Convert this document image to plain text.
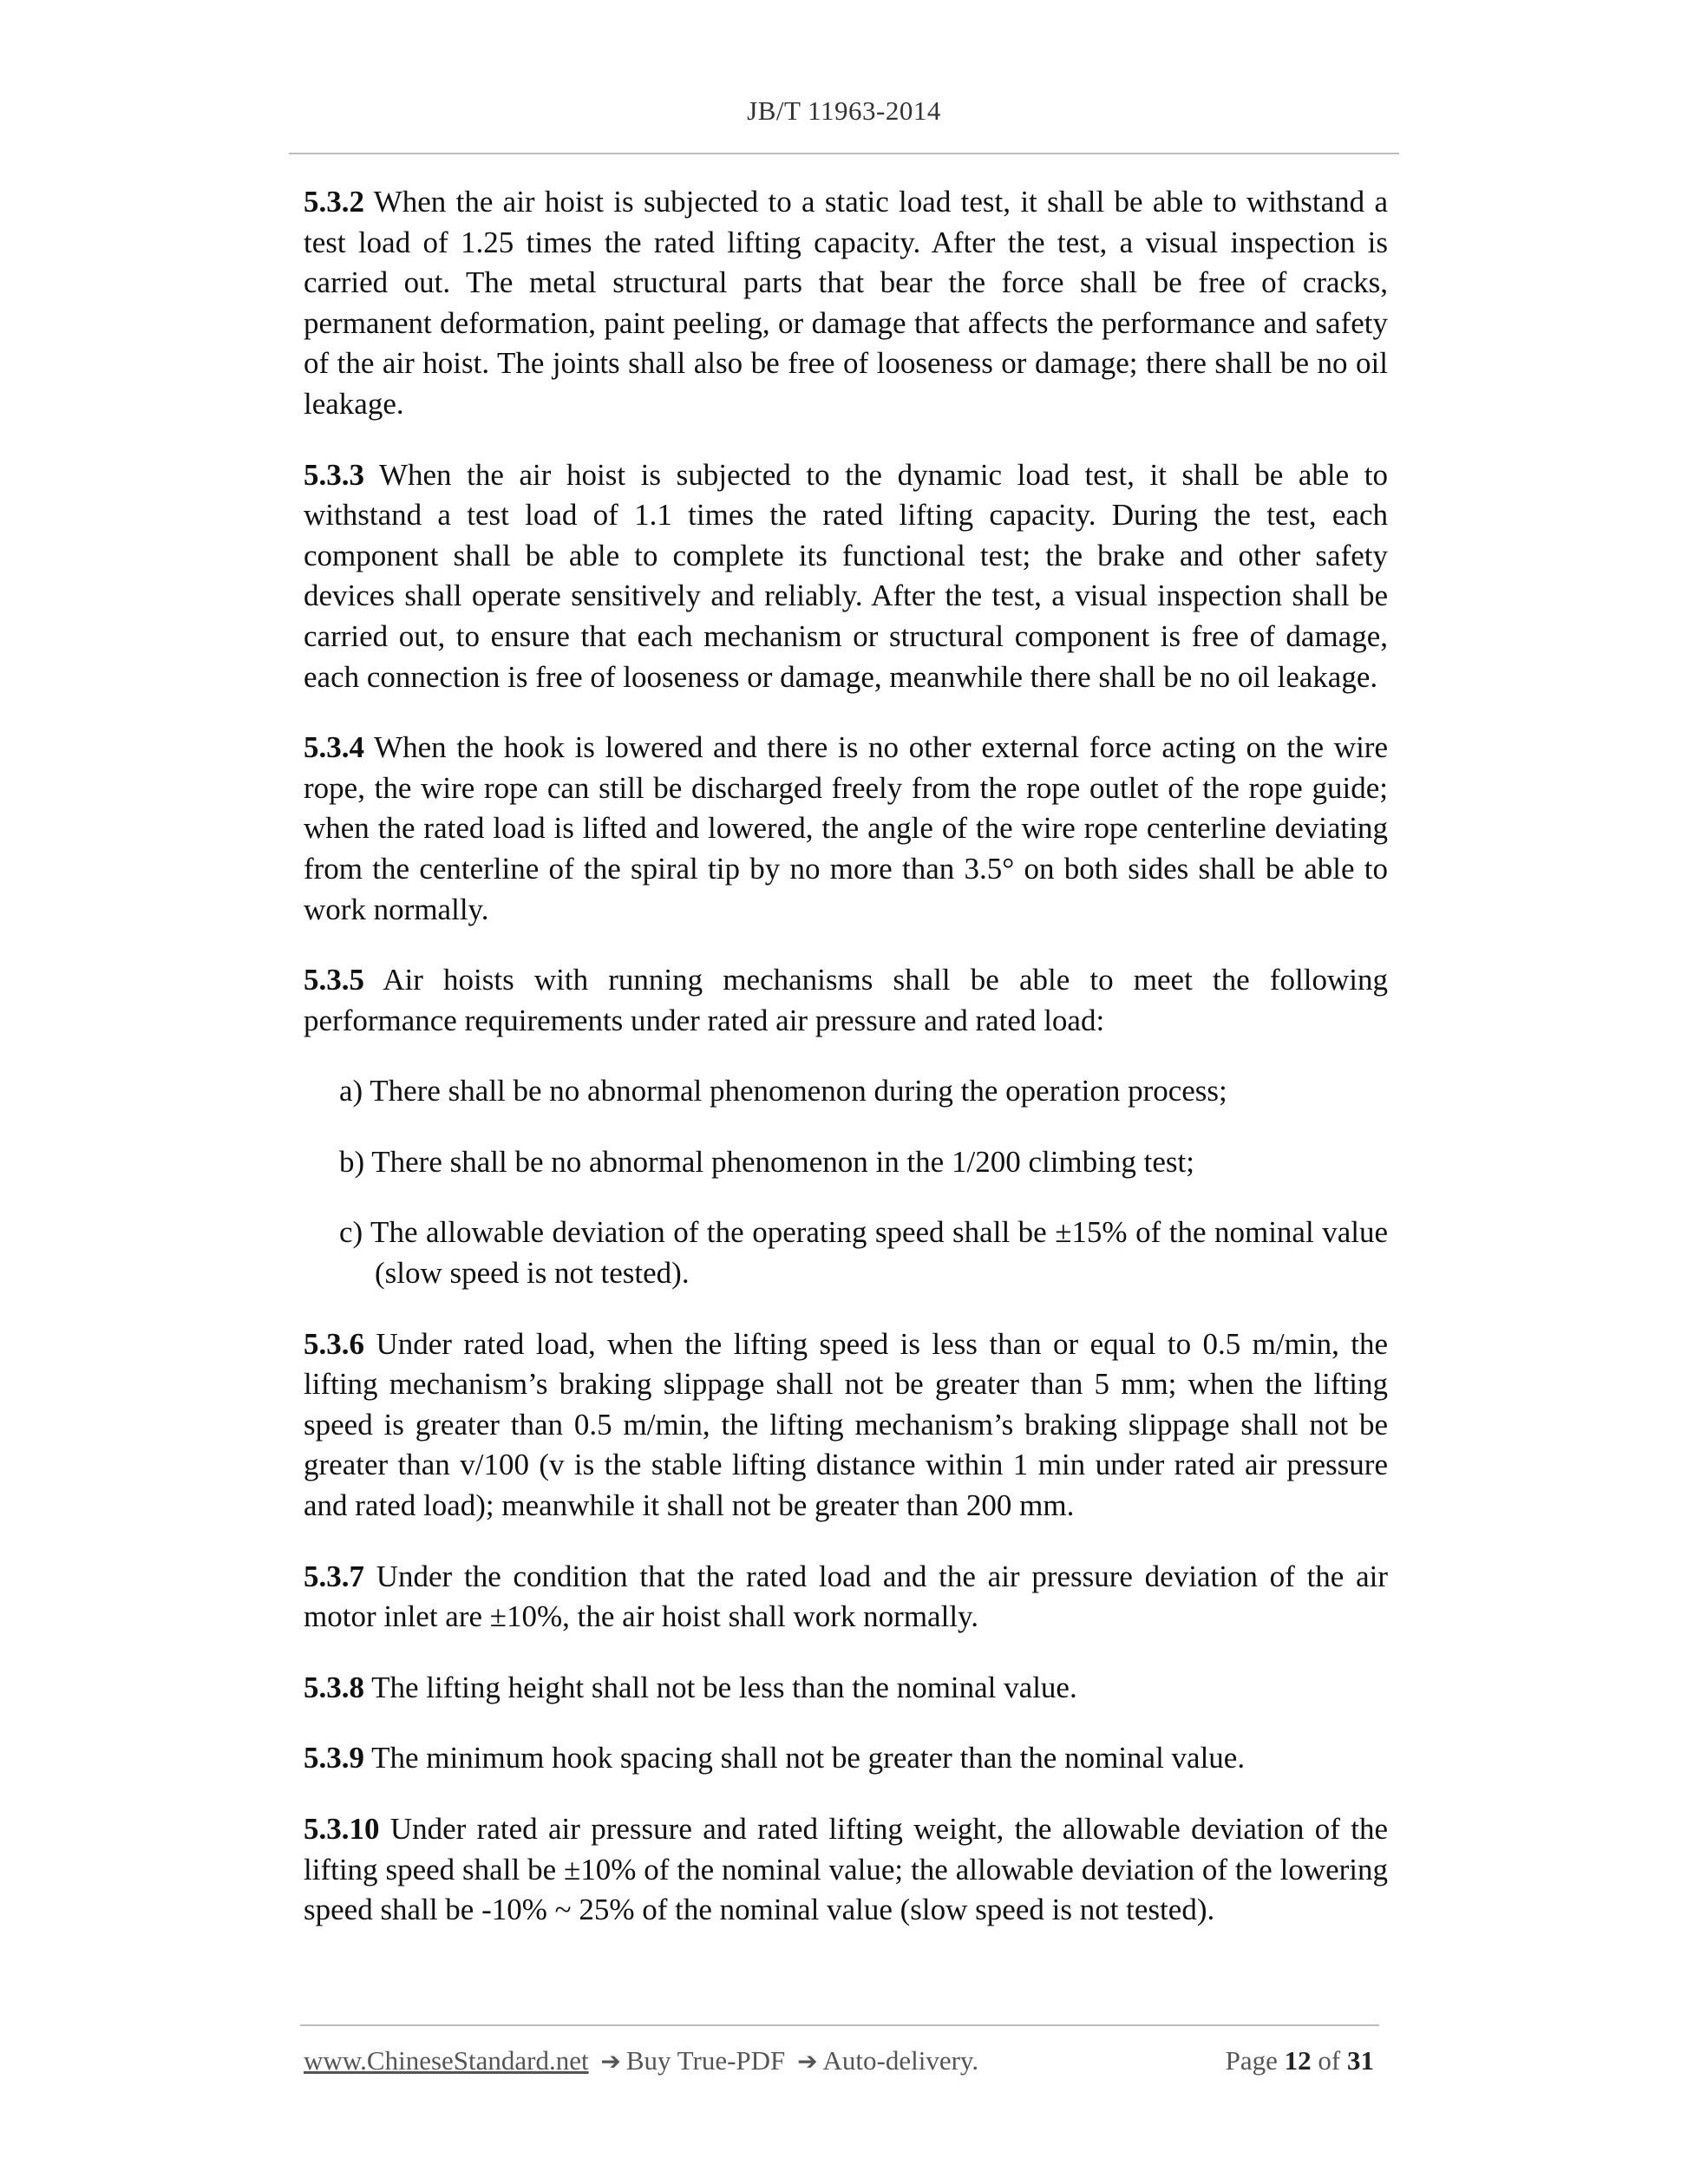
JB/T 11963-2014

5.3.2 When the air hoist is subjected to a static load test, it shall be able to withstand a test load of 1.25 times the rated lifting capacity. After the test, a visual inspection is carried out. The metal structural parts that bear the force shall be free of cracks, permanent deformation, paint peeling, or damage that affects the performance and safety of the air hoist. The joints shall also be free of looseness or damage; there shall be no oil leakage.

5.3.3 When the air hoist is subjected to the dynamic load test, it shall be able to withstand a test load of 1.1 times the rated lifting capacity. During the test, each component shall be able to complete its functional test; the brake and other safety devices shall operate sensitively and reliably. After the test, a visual inspection shall be carried out, to ensure that each mechanism or structural component is free of damage, each connection is free of looseness or damage, meanwhile there shall be no oil leakage.

5.3.4 When the hook is lowered and there is no other external force acting on the wire rope, the wire rope can still be discharged freely from the rope outlet of the rope guide; when the rated load is lifted and lowered, the angle of the wire rope centerline deviating from the centerline of the spiral tip by no more than 3.5° on both sides shall be able to work normally.

5.3.5 Air hoists with running mechanisms shall be able to meet the following performance requirements under rated air pressure and rated load:

a) There shall be no abnormal phenomenon during the operation process;
b) There shall be no abnormal phenomenon in the 1/200 climbing test;
c) The allowable deviation of the operating speed shall be ±15% of the nominal value (slow speed is not tested).

5.3.6 Under rated load, when the lifting speed is less than or equal to 0.5 m/min, the lifting mechanism’s braking slippage shall not be greater than 5 mm; when the lifting speed is greater than 0.5 m/min, the lifting mechanism’s braking slippage shall not be greater than v/100 (v is the stable lifting distance within 1 min under rated air pressure and rated load); meanwhile it shall not be greater than 200 mm.

5.3.7 Under the condition that the rated load and the air pressure deviation of the air motor inlet are ±10%, the air hoist shall work normally.

5.3.8 The lifting height shall not be less than the nominal value.

5.3.9 The minimum hook spacing shall not be greater than the nominal value.

5.3.10 Under rated air pressure and rated lifting weight, the allowable deviation of the lifting speed shall be ±10% of the nominal value; the allowable deviation of the lowering speed shall be -10% ~ 25% of the nominal value (slow speed is not tested).

www.ChineseStandard.net ➔ Buy True-PDF ➔ Auto-delivery.	Page 12 of 31
